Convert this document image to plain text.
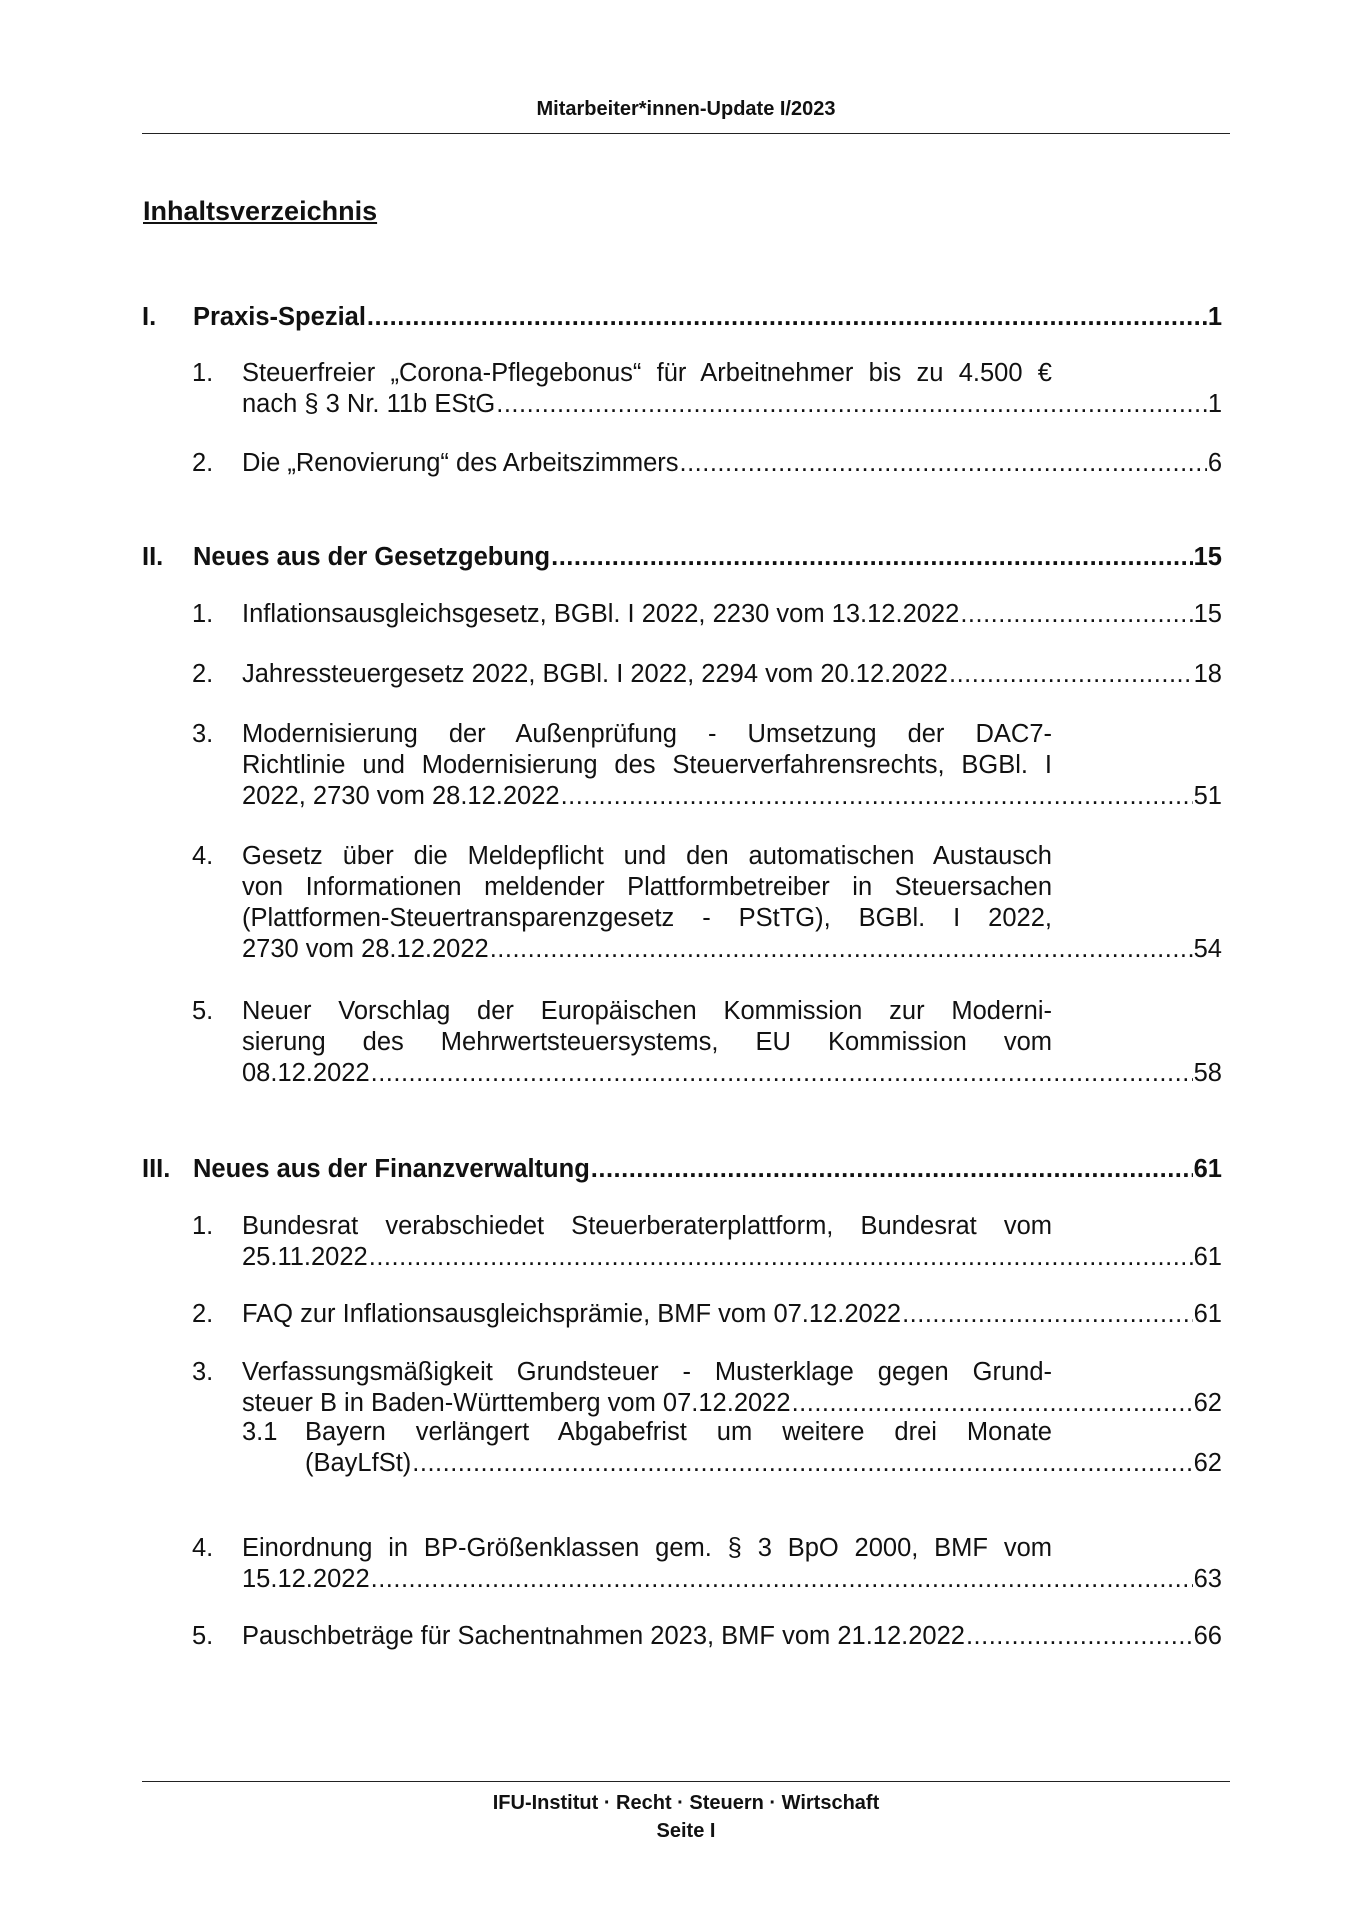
Mitarbeiter*innen-Update I/2023
Inhaltsverzeichnis
I. Praxis-Spezial .....	1
1. Steuerfreier „Corona-Pflegebonus“ für Arbeitnehmer bis zu 4.500 €
nach § 3 Nr. 11b EStG .....	1
2. Die „Renovierung“ des Arbeitszimmers .....	6
II. Neues aus der Gesetzgebung .....	15
1. Inflationsausgleichsgesetz, BGBl. I 2022, 2230 vom 13.12.2022 .....	15
2. Jahressteuergesetz 2022, BGBl. I 2022, 2294 vom 20.12.2022 .....	18
3. Modernisierung der Außenprüfung - Umsetzung der DAC7-
Richtlinie und Modernisierung des Steuerverfahrensrechts, BGBl. I
2022, 2730 vom 28.12.2022 .....	51
4. Gesetz über die Meldepflicht und den automatischen Austausch
von Informationen meldender Plattformbetreiber in Steuersachen
(Plattformen-Steuertransparenzgesetz - PStTG), BGBl. I 2022,
2730 vom 28.12.2022 .....	54
5. Neuer Vorschlag der Europäischen Kommission zur Moderni-
sierung des Mehrwertsteuersystems, EU Kommission vom
08.12.2022 .....	58
III. Neues aus der Finanzverwaltung .....	61
1. Bundesrat verabschiedet Steuerberaterplattform, Bundesrat vom
25.11.2022 .....	61
2. FAQ zur Inflationsausgleichsprämie, BMF vom 07.12.2022 .....	61
3. Verfassungsmäßigkeit Grundsteuer - Musterklage gegen Grund-
steuer B in Baden-Württemberg vom 07.12.2022 .....	62
3.1 Bayern verlängert Abgabefrist um weitere drei Monate
(BayLfSt) .....	62
4. Einordnung in BP-Größenklassen gem. § 3 BpO 2000, BMF vom
15.12.2022 .....	63
5. Pauschbeträge für Sachentnahmen 2023, BMF vom 21.12.2022 .....	66
IFU-Institut · Recht · Steuern · Wirtschaft
Seite I
